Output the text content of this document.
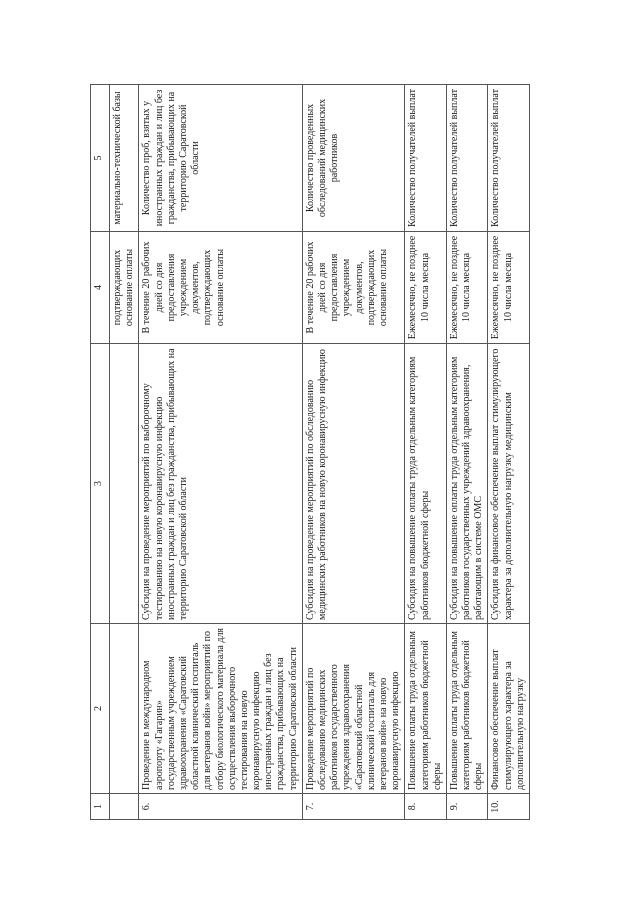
1	2	3	4	5
			подтверждающих основание оплаты	материально-технической базы
6.	Проведение в международном аэропорту «Гагарин» государственным учреждением здравоохранения «Саратовский областной клинический госпиталь для ветеранов войн» мероприятий по отбору биологического материала для осуществления выборочного тестирования на новую коронавирусную инфекцию иностранных граждан и лиц без гражданства, прибывающих на территорию Саратовской области	Субсидия на проведение мероприятий по выборочному тестированию на новую коронавирусную инфекцию иностранных граждан и лиц без гражданства, прибывающих на территорию Саратовской области	В течение 20 рабочих дней со дня предоставления учреждением документов, подтверждающих основание оплаты	Количество проб, взятых у иностранных граждан и лиц без гражданства, прибывающих на территорию Саратовской области
7.	Проведение мероприятий по обследованию медицинских работников государственного учреждения здравоохранения «Саратовский областной клинический госпиталь для ветеранов войн» на новую коронавирусную инфекцию	Субсидия на проведение мероприятий по обследованию медицинских работников на новую коронавирусную инфекцию	В течение 20 рабочих дней со дня предоставления учреждением документов, подтверждающих основание оплаты	Количество проведенных обследований медицинских работников
8.	Повышение оплаты труда отдельным категориям работников бюджетной сферы	Субсидия на повышение оплаты труда отдельным категориям работников бюджетной сферы	Ежемесячно, не позднее 10 числа месяца	Количество получателей выплат
9.	Повышение оплаты труда отдельным категориям работников бюджетной сферы	Субсидия на повышение оплаты труда отдельным категориям работников государственных учреждений здравоохранения, работающим в системе ОМС	Ежемесячно, не позднее 10 числа месяца	Количество получателей выплат
10.	Финансовое обеспечение выплат стимулирующего характера за дополнительную нагрузку	Субсидия на финансовое обеспечение выплат стимулирующего характера за дополнительную нагрузку медицинским	Ежемесячно, не позднее 10 числа месяца	Количество получателей выплат
